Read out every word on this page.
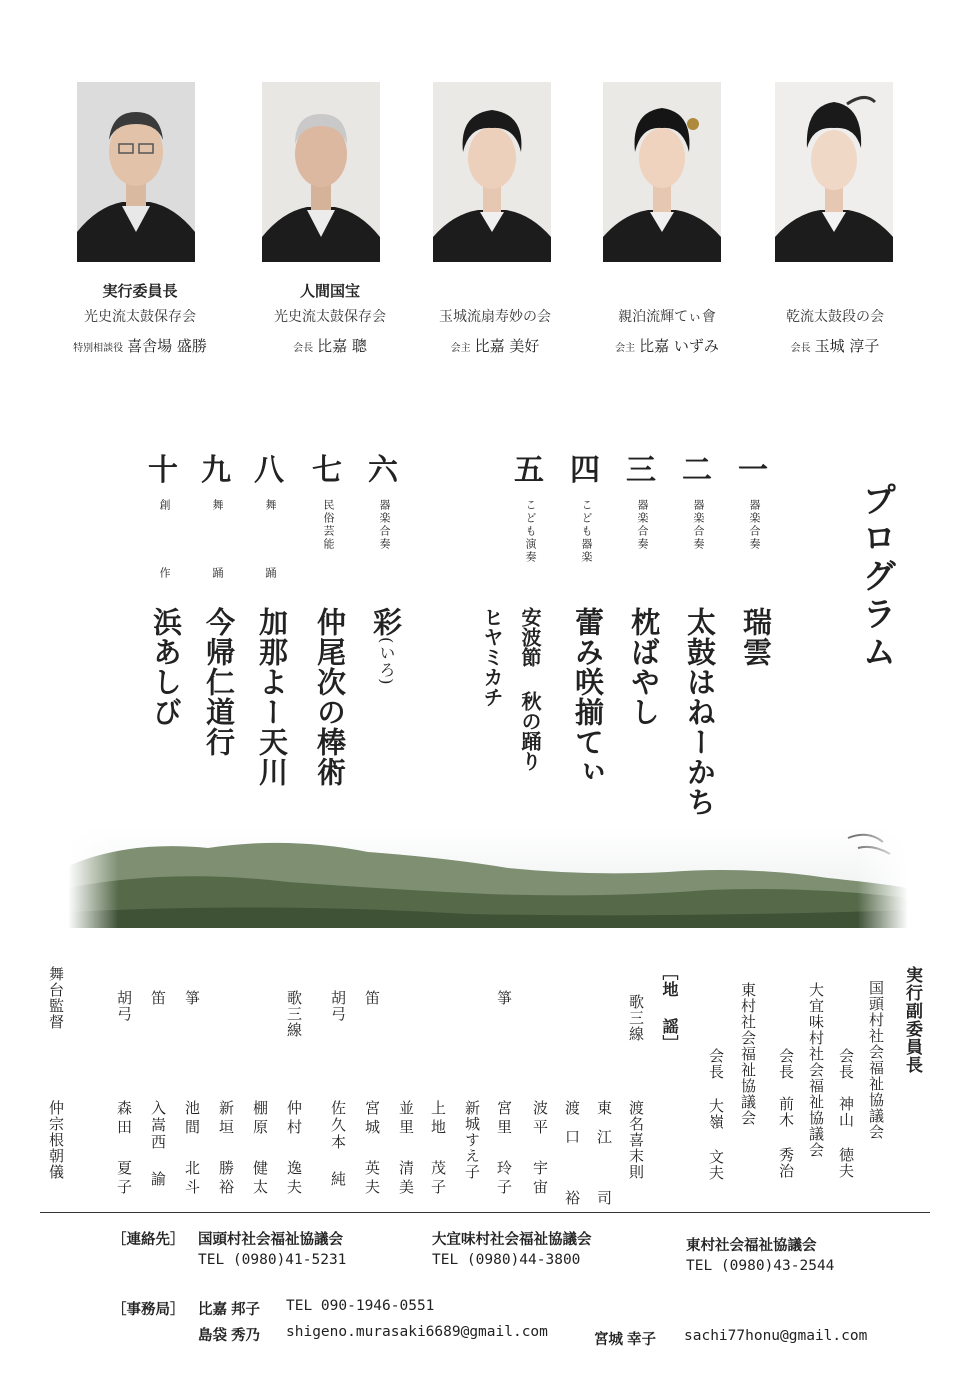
実行委員長
光史流太鼓保存会
特別相談役 喜舎場 盛勝
人間国宝
光史流太鼓保存会
会長 比嘉 聰
玉城流扇寿妙の会
会主 比嘉 美好
親泊流輝てぃ會
会主 比嘉 いずみ
乾流太鼓段の会
会長 玉城 淳子
プログラム
一
器楽合奏
瑞雲
二
器楽合奏
太鼓はねーかち
三
器楽合奏
枕ばやし
四
こども器楽
蕾み咲揃てぃ
五
こども演奏
安波節 秋の踊り
ヒヤミカチ
六
器楽合奏
彩(いろ)
七
民俗芸能
仲尾次の棒術
八
舞 踊
加那よー天川
九
舞 踊
今帰仁道行
十
創 作
浜あしび
実行副委員長
国頭村社会福祉協議会
会長
神山 徳夫
大宜味村社会福祉協議会
会長
前木 秀治
東村社会福祉協議会
会長
大嶺 文夫
［地 謡］
歌三線
渡名喜末則
東江 司
渡口 裕
波平 宇宙
箏
宮里 玲子
新城すえ子
上地 茂子
並里 清美
笛
宮城 英夫
胡弓
佐久本 純
歌三線
仲村 逸夫
棚原 健太
新垣 勝裕
箏
池間 北斗
笛
入嵩西 諭
胡弓
森田 夏子
舞台監督
仲宗根朝儀
［連絡先］ 国頭村社会福祉協議会
TEL (0980)41-5231
大宜味村社会福祉協議会
TEL (0980)44-3800
東村社会福祉協議会
TEL (0980)43-2544
［事務局］ 比嘉 邦子 TEL 090-1946-0551
島袋 秀乃 shigeno.murasaki6689@gmail.com	宮城 幸子 sachi77honu@gmail.com
